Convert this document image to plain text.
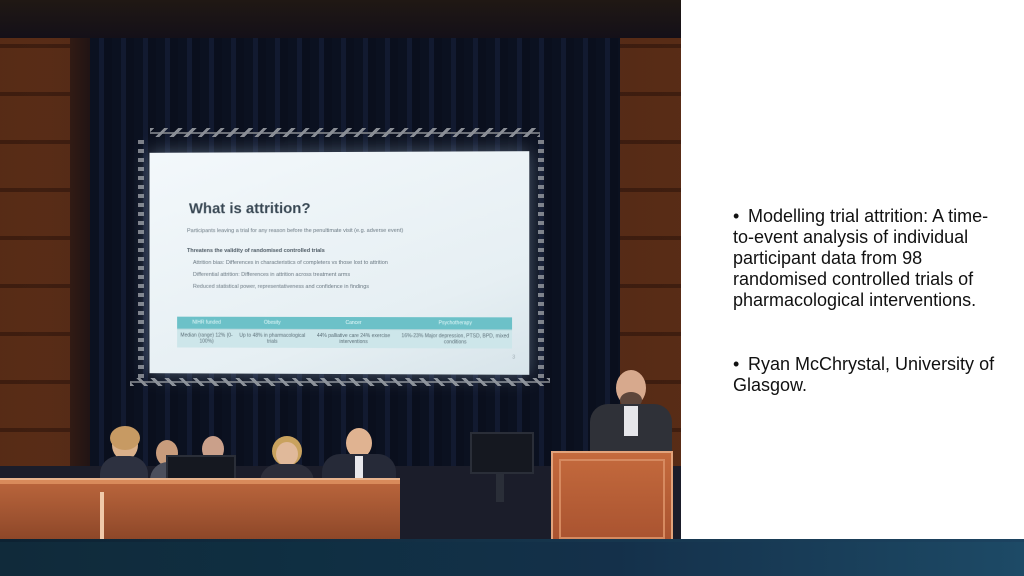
What is attrition?
Participants leaving a trial for any reason before the penultimate visit (e.g. adverse event)
Threatens the validity of randomised controlled trials
Attrition bias: Differences in characteristics of completers vs those lost to attrition
Differential attrition: Differences in attrition across treatment arms
Reduced statistical power, representativeness and confidence in findings
NIHR funded	Obesity	Cancer	Psychotherapy
Median (range) 12% (0-100%)	Up to 48% in pharmacological trials	44% palliative care 24% exercise interventions	16%-23% Major depression, PTSD, BPD, mixed conditions
3
• Modelling trial attrition: A time-to-event analysis of individual participant data from 98 randomised controlled trials of pharmacological interventions.
• Ryan McChrystal, University of Glasgow.
